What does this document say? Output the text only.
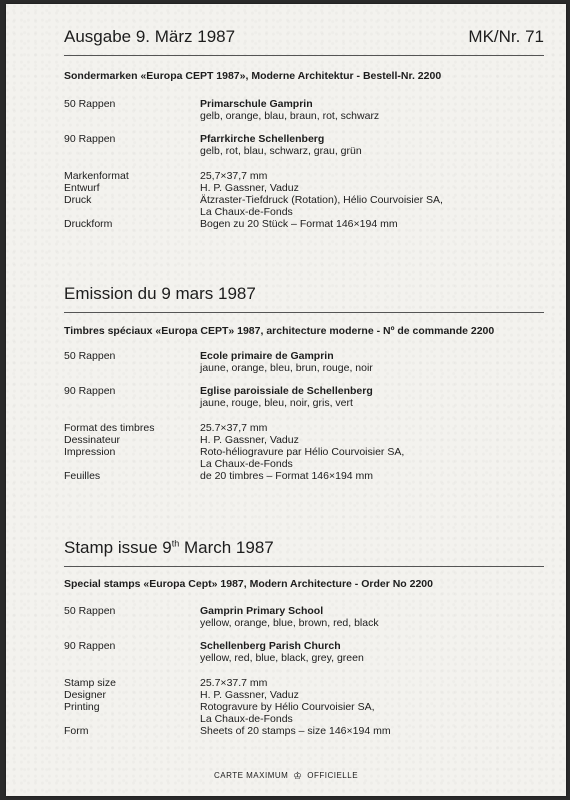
Ausgabe 9. März 1987	MK/Nr. 71
Sondermarken «Europa CEPT 1987», Moderne Architektur - Bestell-Nr. 2200
50 Rappen	Primarschule Gamprin
gelb, orange, blau, braun, rot, schwarz
90 Rappen	Pfarrkirche Schellenberg
gelb, rot, blau, schwarz, grau, grün
Markenformat	25,7×37,7 mm
Entwurf	H. P. Gassner, Vaduz
Druck	Ätzraster-Tiefdruck (Rotation), Hélio Courvoisier SA,
La Chaux-de-Fonds
Druckform	Bogen zu 20 Stück – Format 146×194 mm
Emission du 9 mars 1987
Timbres spéciaux «Europa CEPT» 1987, architecture moderne - Nº de commande 2200
50 Rappen	Ecole primaire de Gamprin
jaune, orange, bleu, brun, rouge, noir
90 Rappen	Eglise paroissiale de Schellenberg
jaune, rouge, bleu, noir, gris, vert
Format des timbres	25.7×37,7 mm
Dessinateur	H. P. Gassner, Vaduz
Impression	Roto-héliogravure par Hélio Courvoisier SA,
La Chaux-de-Fonds
Feuilles	de 20 timbres – Format 146×194 mm
Stamp issue 9th March 1987
Special stamps «Europa Cept» 1987, Modern Architecture - Order No 2200
50 Rappen	Gamprin Primary School
yellow, orange, blue, brown, red, black
90 Rappen	Schellenberg Parish Church
yellow, red, blue, black, grey, green
Stamp size	25.7×37.7 mm
Designer	H. P. Gassner, Vaduz
Printing	Rotogravure by Hélio Courvoisier SA,
La Chaux-de-Fonds
Form	Sheets of 20 stamps – size 146×194 mm
CARTE MAXIMUM ♔ OFFICIELLE
